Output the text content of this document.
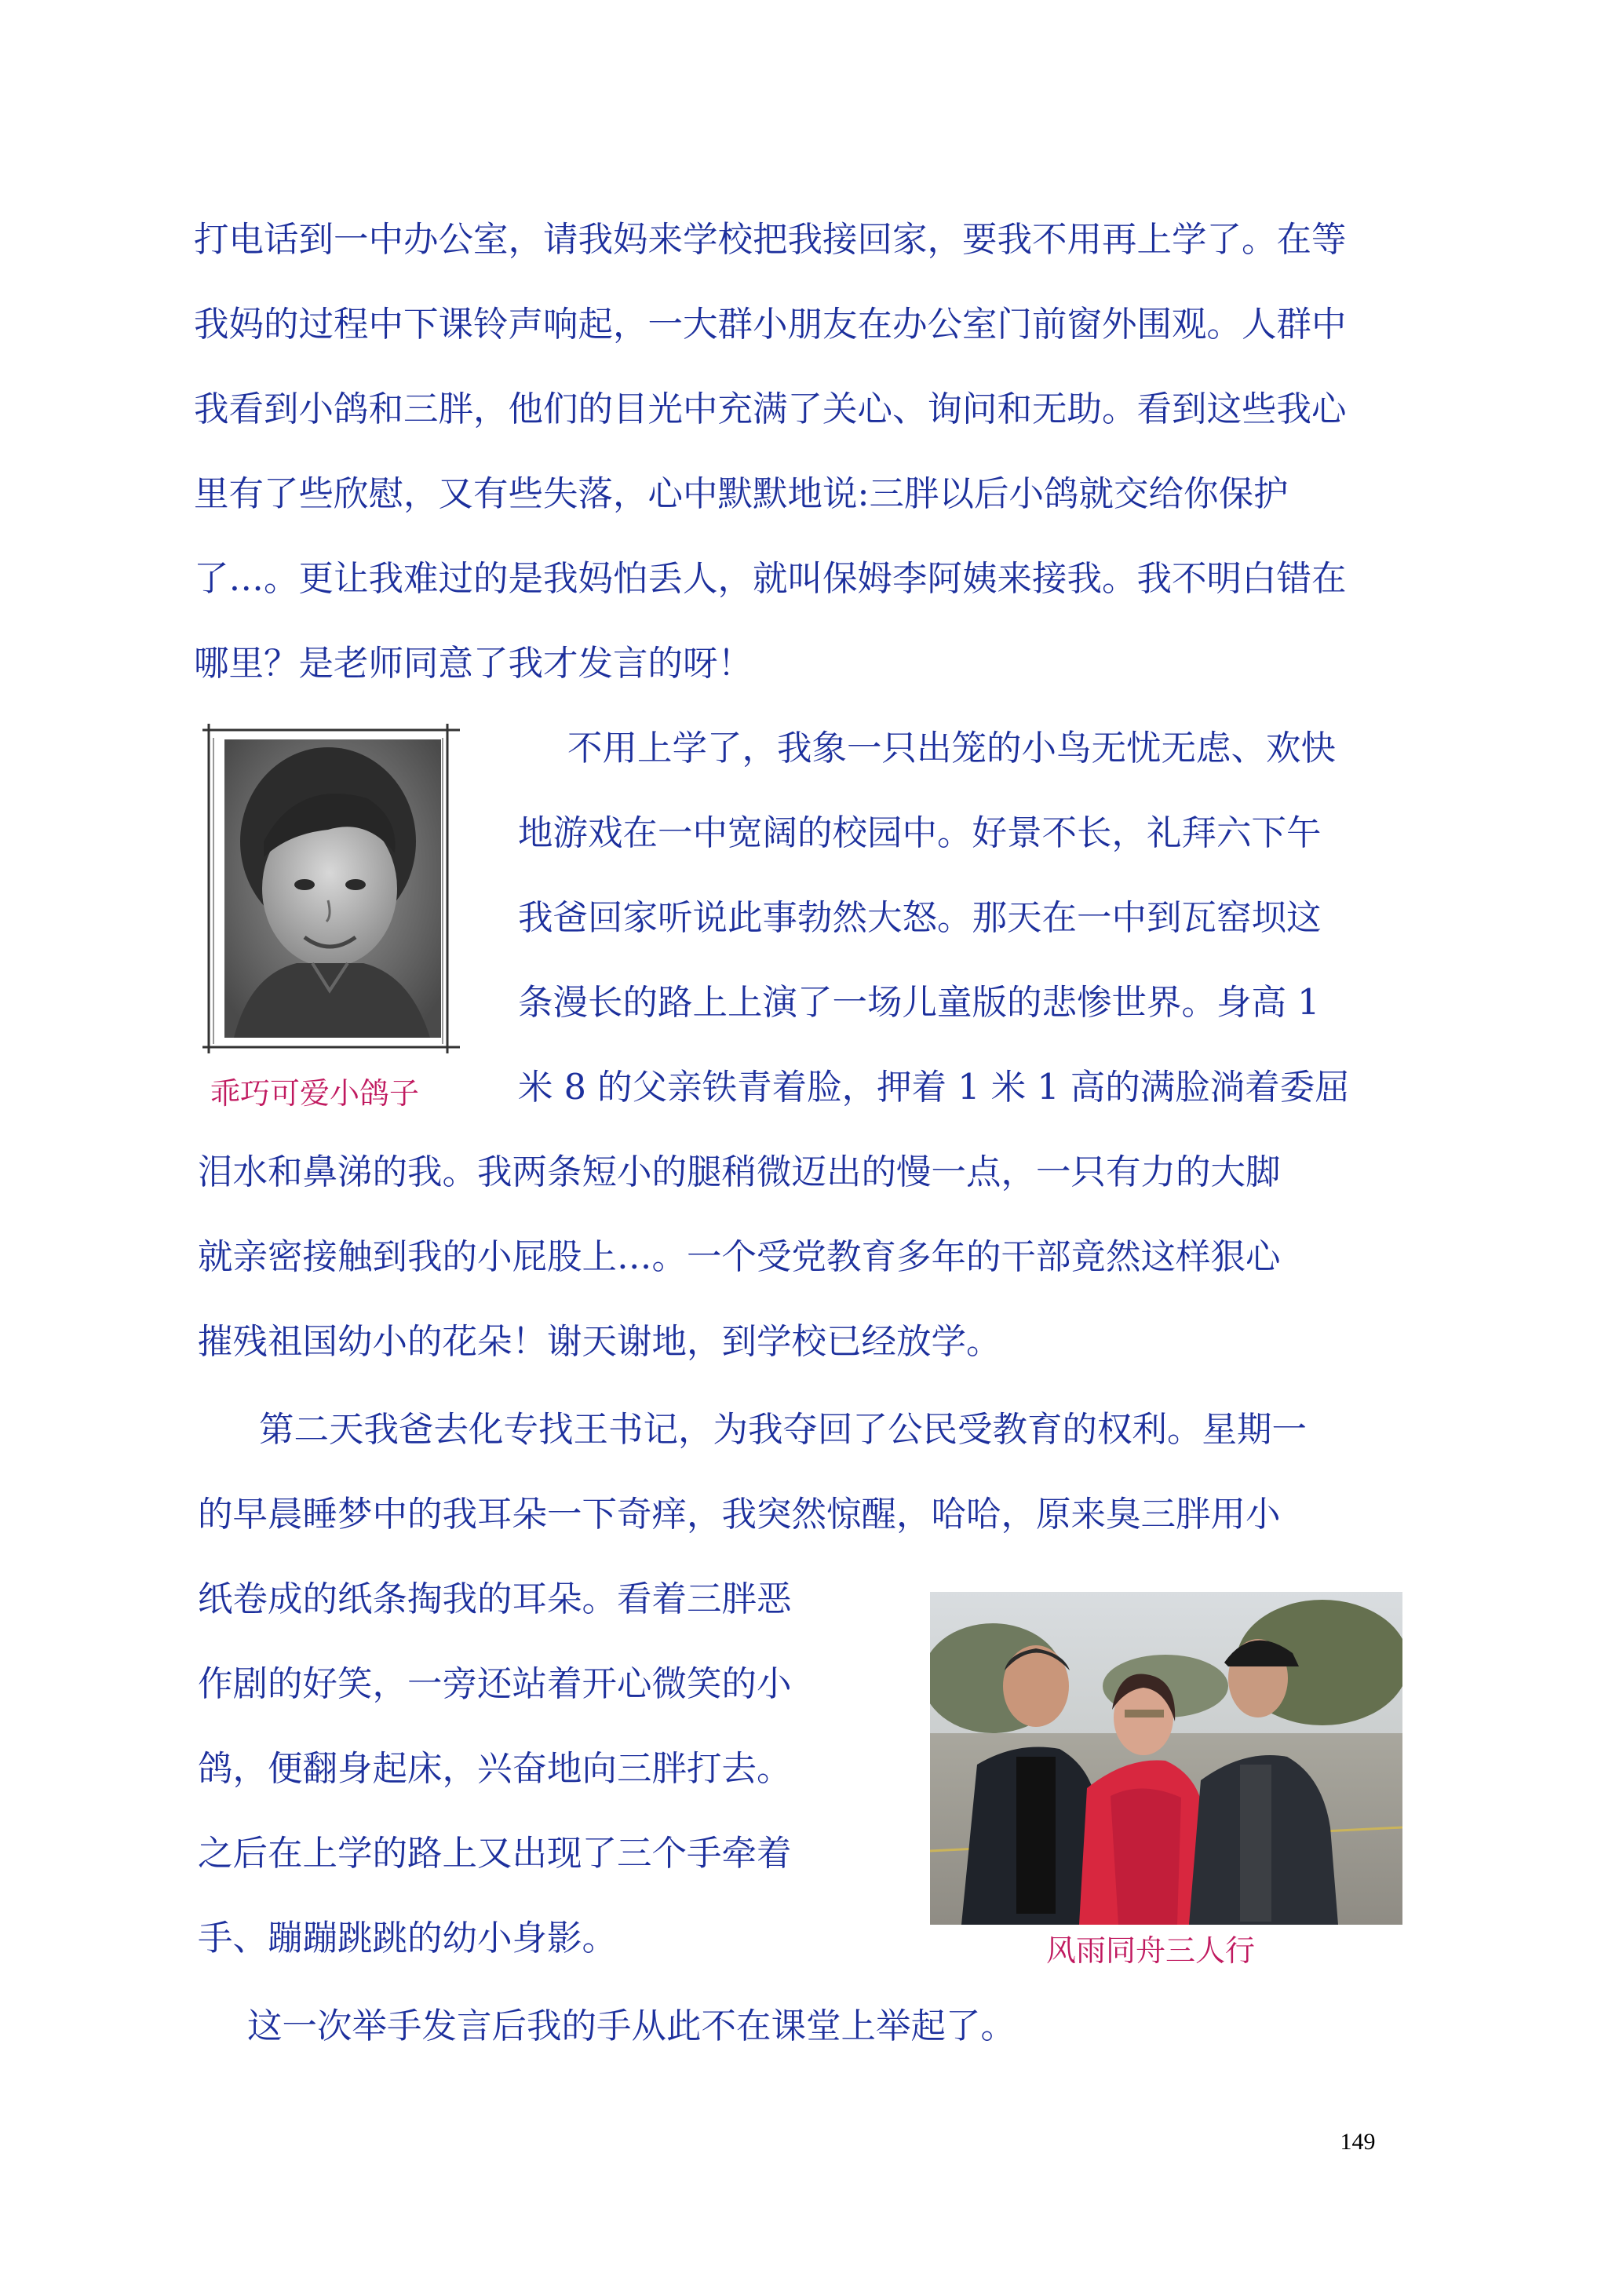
打电话到一中办公室，请我妈来学校把我接回家，要我不用再上学了。在等
我妈的过程中下课铃声响起，一大群小朋友在办公室门前窗外围观。人群中
我看到小鸽和三胖，他们的目光中充满了关心、询问和无助。看到这些我心
里有了些欣慰，又有些失落，心中默默地说:三胖以后小鸽就交给你保护
了…。更让我难过的是我妈怕丢人，就叫保姆李阿姨来接我。我不明白错在
哪里？是老师同意了我才发言的呀！
乖巧可爱小鸽子
不用上学了，我象一只出笼的小鸟无忧无虑、欢快
地游戏在一中宽阔的校园中。好景不长，礼拜六下午
我爸回家听说此事勃然大怒。那天在一中到瓦窑坝这
条漫长的路上上演了一场儿童版的悲惨世界。身高 1
米 8 的父亲铁青着脸，押着 1 米 1 高的满脸淌着委屈
泪水和鼻涕的我。我两条短小的腿稍微迈出的慢一点，一只有力的大脚
就亲密接触到我的小屁股上…。一个受党教育多年的干部竟然这样狠心
摧残祖国幼小的花朵！谢天谢地，到学校已经放学。
第二天我爸去化专找王书记，为我夺回了公民受教育的权利。星期一
的早晨睡梦中的我耳朵一下奇痒，我突然惊醒，哈哈，原来臭三胖用小
纸卷成的纸条掏我的耳朵。看着三胖恶
作剧的好笑，一旁还站着开心微笑的小
鸽，便翻身起床，兴奋地向三胖打去。
之后在上学的路上又出现了三个手牵着
手、蹦蹦跳跳的幼小身影。	风雨同舟三人行
这一次举手发言后我的手从此不在课堂上举起了。
149
